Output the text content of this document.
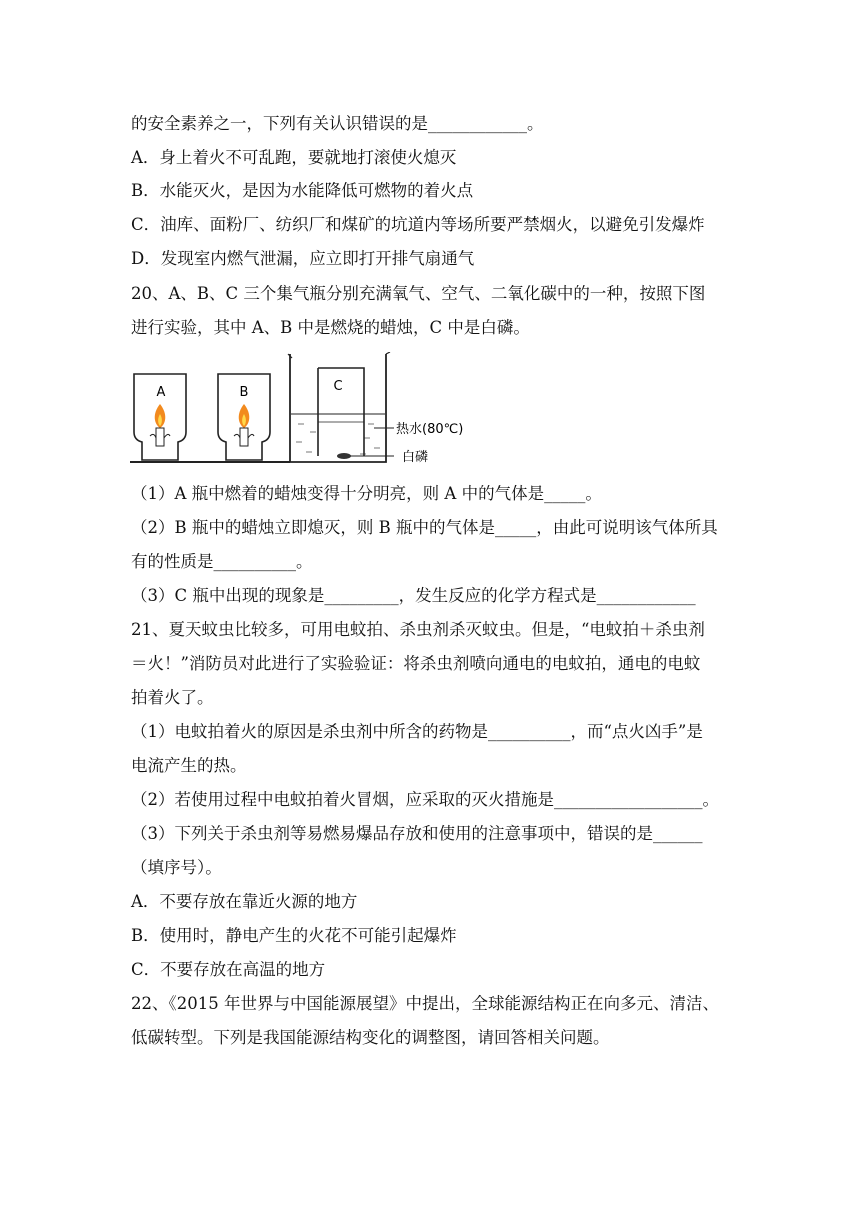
的安全素养之一，下列有关认识错误的是____________。
A．身上着火不可乱跑，要就地打滚使火熄灭
B．水能灭火，是因为水能降低可燃物的着火点
C．油库、面粉厂、纺织厂和煤矿的坑道内等场所要严禁烟火，以避免引发爆炸
D．发现室内燃气泄漏，应立即打开排气扇通气
20、A、B、C 三个集气瓶分别充满氧气、空气、二氧化碳中的一种，按照下图
进行实验，其中 A、B 中是燃烧的蜡烛，C 中是白磷。
A	B	C
热水(80℃)
白磷
（1）A 瓶中燃着的蜡烛变得十分明亮，则 A 中的气体是_____。
（2）B 瓶中的蜡烛立即熄灭，则 B 瓶中的气体是_____，由此可说明该气体所具
有的性质是__________。
（3）C 瓶中出现的现象是_________，发生反应的化学方程式是____________
21、夏天蚊虫比较多，可用电蚊拍、杀虫剂杀灭蚊虫。但是，“电蚊拍＋杀虫剂
＝火！”消防员对此进行了实验验证：将杀虫剂喷向通电的电蚊拍，通电的电蚊
拍着火了。
（1）电蚊拍着火的原因是杀虫剂中所含的药物是__________，而“点火凶手”是
电流产生的热。
（2）若使用过程中电蚊拍着火冒烟，应采取的灭火措施是__________________。
（3）下列关于杀虫剂等易燃易爆品存放和使用的注意事项中，错误的是______
（填序号）。
A．不要存放在靠近火源的地方
B．使用时，静电产生的火花不可能引起爆炸
C．不要存放在高温的地方
22、《2015 年世界与中国能源展望》中提出，全球能源结构正在向多元、清洁、
低碳转型。下列是我国能源结构变化的调整图，请回答相关问题。
